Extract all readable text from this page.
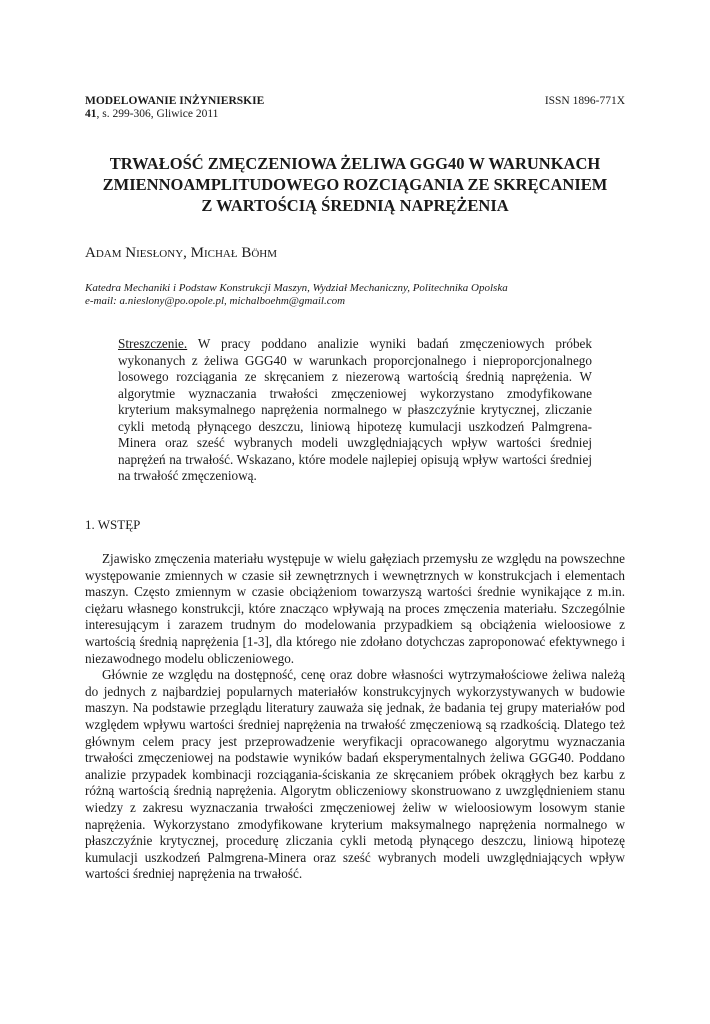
MODELOWANIE INŻYNIERSKIE
41, s. 299-306, Gliwice 2011
ISSN 1896-771X
TRWAŁOŚĆ ZMĘCZENIOWA ŻELIWA GGG40 W WARUNKACH
ZMIENNOAMPLITUDOWEGO ROZCIĄGANIA ZE SKRĘCANIEM
Z WARTOŚCIĄ ŚREDNIĄ NAPRĘŻENIA
Adam Niesłony, Michał Böhm
Katedra Mechaniki i Podstaw Konstrukcji Maszyn, Wydział Mechaniczny, Politechnika Opolska
e-mail: a.nieslony@po.opole.pl, michalboehm@gmail.com
Streszczenie. W pracy poddano analizie wyniki badań zmęczeniowych próbek wykonanych z żeliwa GGG40 w warunkach proporcjonalnego i nieproporcjonalnego losowego rozciągania ze skręcaniem z niezerową wartością średnią naprężenia. W algorytmie wyznaczania trwałości zmęczeniowej wykorzystano zmodyfikowane kryterium maksymalnego naprężenia normalnego w płaszczyźnie krytycznej, zliczanie cykli metodą płynącego deszczu, liniową hipotezę kumulacji uszkodzeń Palmgrena-Minera oraz sześć wybranych modeli uwzględniających wpływ wartości średniej naprężeń na trwałość. Wskazano, które modele najlepiej opisują wpływ wartości średniej na trwałość zmęczeniową.
1. WSTĘP

Zjawisko zmęczenia materiału występuje w wielu gałęziach przemysłu ze względu na powszechne występowanie zmiennych w czasie sił zewnętrznych i wewnętrznych w konstrukcjach i elementach maszyn. Często zmiennym w czasie obciążeniom towarzyszą wartości średnie wynikające z m.in. ciężaru własnego konstrukcji, które znacząco wpływają na proces zmęczenia materiału. Szczególnie interesującym i zarazem trudnym do modelowania przypadkiem są obciążenia wieloosiowe z wartością średnią naprężenia [1-3], dla którego nie zdołano dotychczas zaproponować efektywnego i niezawodnego modelu obliczeniowego.

Głównie ze względu na dostępność, cenę oraz dobre własności wytrzymałościowe żeliwa należą do jednych z najbardziej popularnych materiałów konstrukcyjnych wykorzystywanych w budowie maszyn. Na podstawie przeglądu literatury zauważa się jednak, że badania tej grupy materiałów pod względem wpływu wartości średniej naprężenia na trwałość zmęczeniową są rzadkością. Dlatego też głównym celem pracy jest przeprowadzenie weryfikacji opracowanego algorytmu wyznaczania trwałości zmęczeniowej na podstawie wyników badań eksperymentalnych żeliwa GGG40. Poddano analizie przypadek kombinacji rozciągania-ściskania ze skręcaniem próbek okrągłych bez karbu z różną wartością średnią naprężenia. Algorytm obliczeniowy skonstruowano z uwzględnieniem stanu wiedzy z zakresu wyznaczania trwałości zmęczeniowej żeliw w wieloosiowym losowym stanie naprężenia. Wykorzystano zmodyfikowane kryterium maksymalnego naprężenia normalnego w płaszczyźnie krytycznej, procedurę zliczania cykli metodą płynącego deszczu, liniową hipotezę kumulacji uszkodzeń Palmgrena-Minera oraz sześć wybranych modeli uwzględniających wpływ wartości średniej naprężenia na trwałość.
